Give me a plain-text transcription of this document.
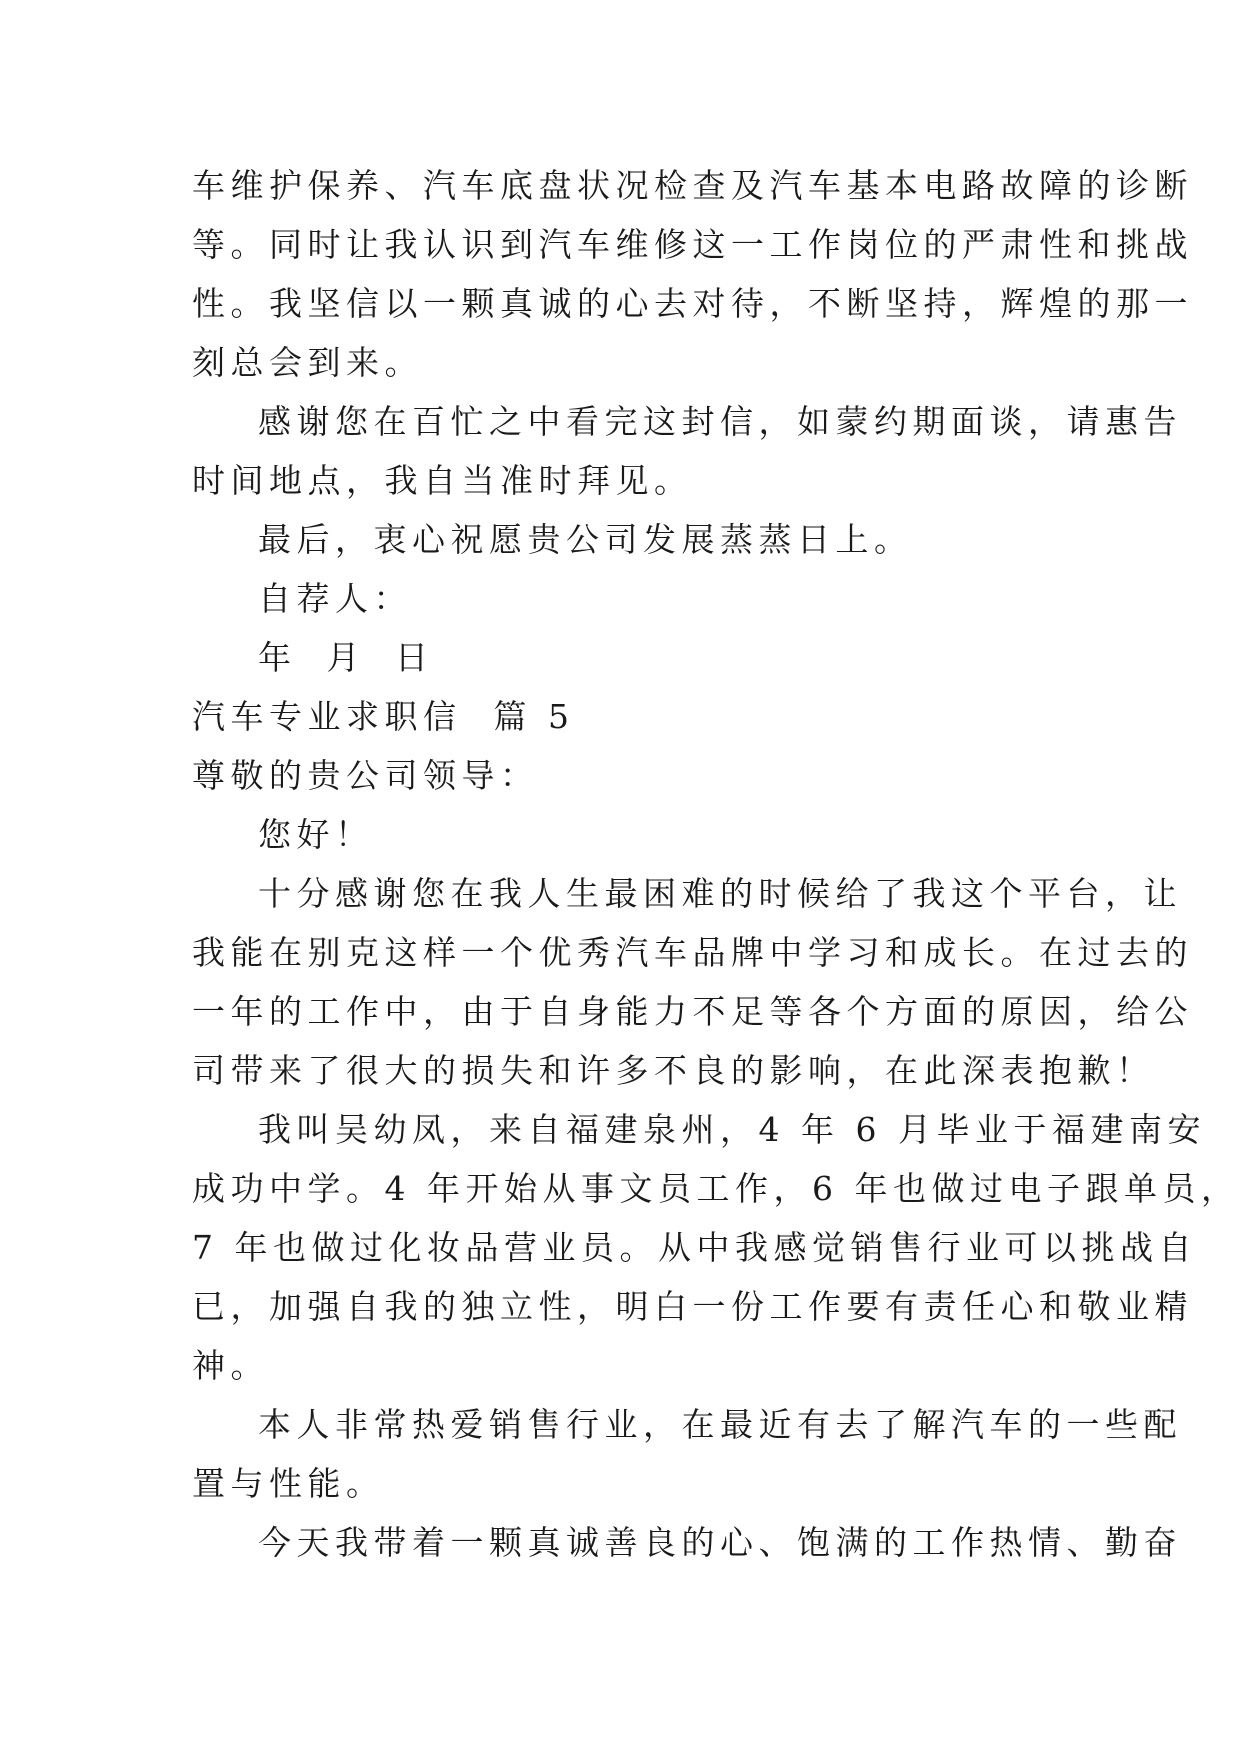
车维护保养、汽车底盘状况检查及汽车基本电路故障的诊断
等。同时让我认识到汽车维修这一工作岗位的严肃性和挑战
性。我坚信以一颗真诚的心去对待，不断坚持，辉煌的那一
刻总会到来。
感谢您在百忙之中看完这封信，如蒙约期面谈，请惠告
时间地点，我自当准时拜见。
最后，衷心祝愿贵公司发展蒸蒸日上。
自荐人：
年 月 日
汽车专业求职信  篇 5
尊敬的贵公司领导：
您好！
十分感谢您在我人生最困难的时候给了我这个平台，让
我能在别克这样一个优秀汽车品牌中学习和成长。在过去的
一年的工作中，由于自身能力不足等各个方面的原因，给公
司带来了很大的损失和许多不良的影响，在此深表抱歉！
我叫吴幼凤，来自福建泉州，4 年 6 月毕业于福建南安
成功中学。4 年开始从事文员工作，6 年也做过电子跟单员，
7 年也做过化妆品营业员。从中我感觉销售行业可以挑战自
已，加强自我的独立性，明白一份工作要有责任心和敬业精
神。
本人非常热爱销售行业，在最近有去了解汽车的一些配
置与性能。
今天我带着一颗真诚善良的心、饱满的工作热情、勤奋
